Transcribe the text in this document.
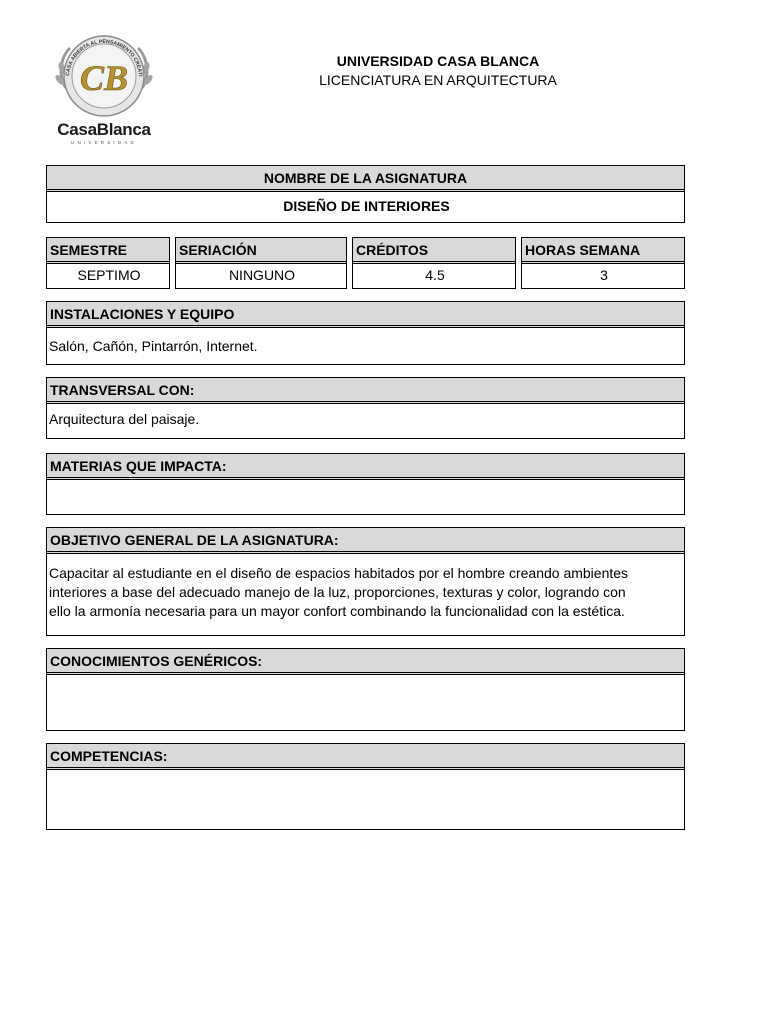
CASA ABIERTA AL PENSAMIENTO CREATI
CB
CasaBlanca
UNIVERSIDAD
UNIVERSIDAD CASA BLANCA
LICENCIATURA EN ARQUITECTURA
NOMBRE DE LA ASIGNATURA
DISEÑO DE INTERIORES
SEMESTRE
SEPTIMO
SERIACIÓN
NINGUNO
CRÉDITOS
4.5
HORAS SEMANA
3
INSTALACIONES Y EQUIPO
Salón, Cañón, Pintarrón, Internet.
TRANSVERSAL CON:
Arquitectura del paisaje.
MATERIAS QUE IMPACTA:
OBJETIVO GENERAL DE LA ASIGNATURA:
Capacitar al estudiante en el diseño de espacios habitados por el hombre creando ambientes
interiores a base del adecuado manejo de la luz, proporciones, texturas y color, logrando con
ello la armonía necesaria para un mayor confort combinando la funcionalidad con la estética.
CONOCIMIENTOS GENÉRICOS:
COMPETENCIAS:
